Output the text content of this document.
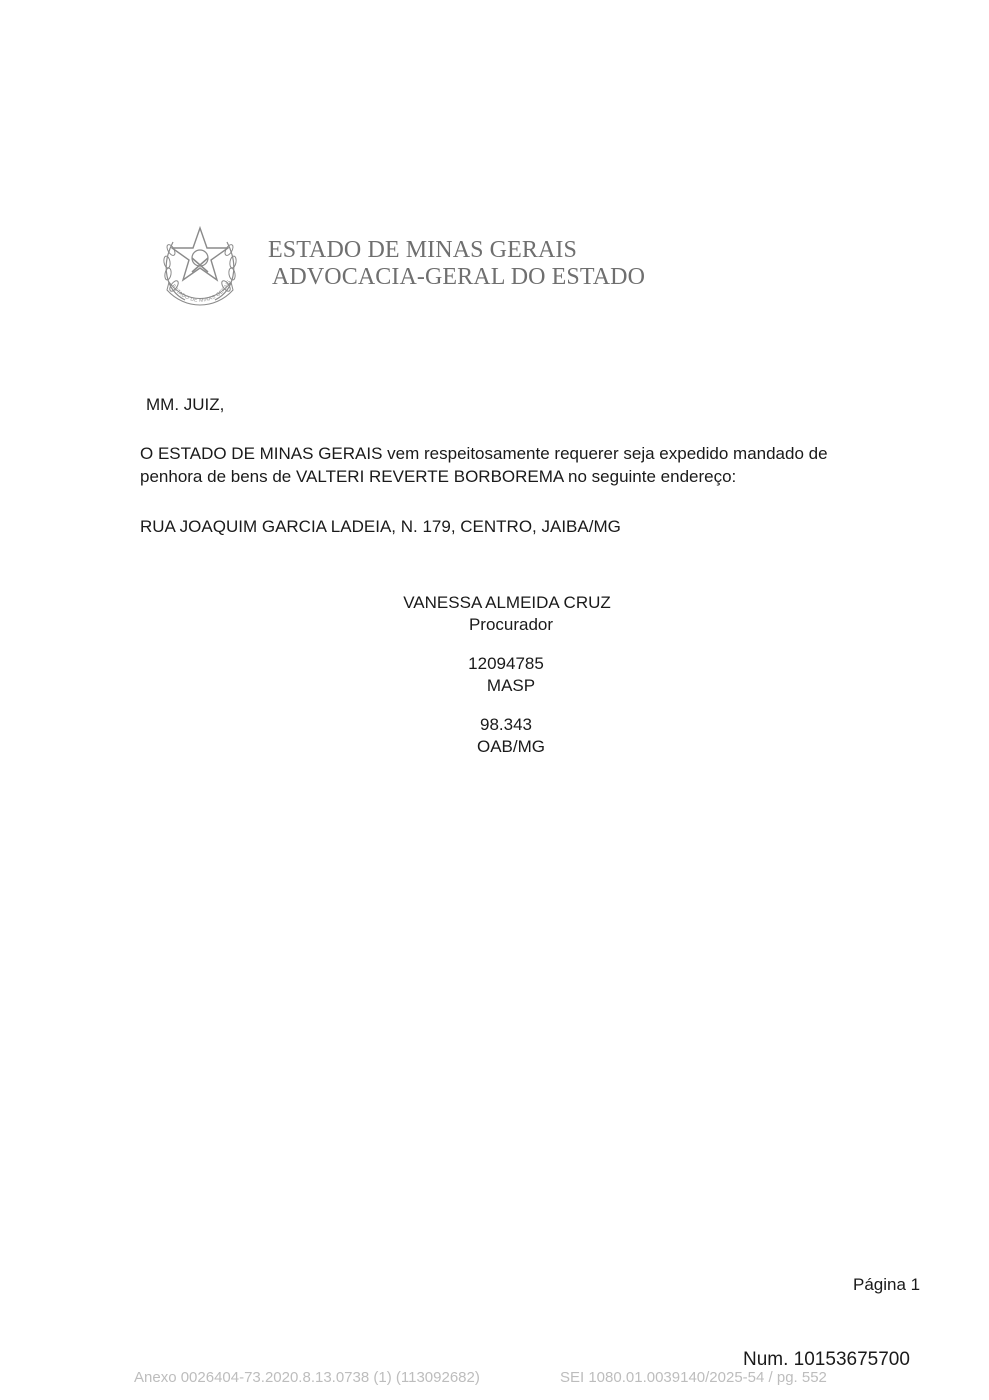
ESTADO DE MINAS GERAIS
ESTADO DE MINAS GERAIS
ADVOCACIA-GERAL DO ESTADO
MM. JUIZ,
O ESTADO DE MINAS GERAIS vem respeitosamente requerer seja expedido mandado de
penhora de bens de VALTERI REVERTE BORBOREMA no seguinte endereço:
RUA JOAQUIM GARCIA LADEIA, N. 179, CENTRO, JAIBA/MG
VANESSA ALMEIDA CRUZ
Procurador
12094785
MASP
98.343
OAB/MG
Página 1
Num. 10153675700
Anexo 0026404-73.2020.8.13.0738 (1) (113092682)	SEI 1080.01.0039140/2025-54 / pg. 552
